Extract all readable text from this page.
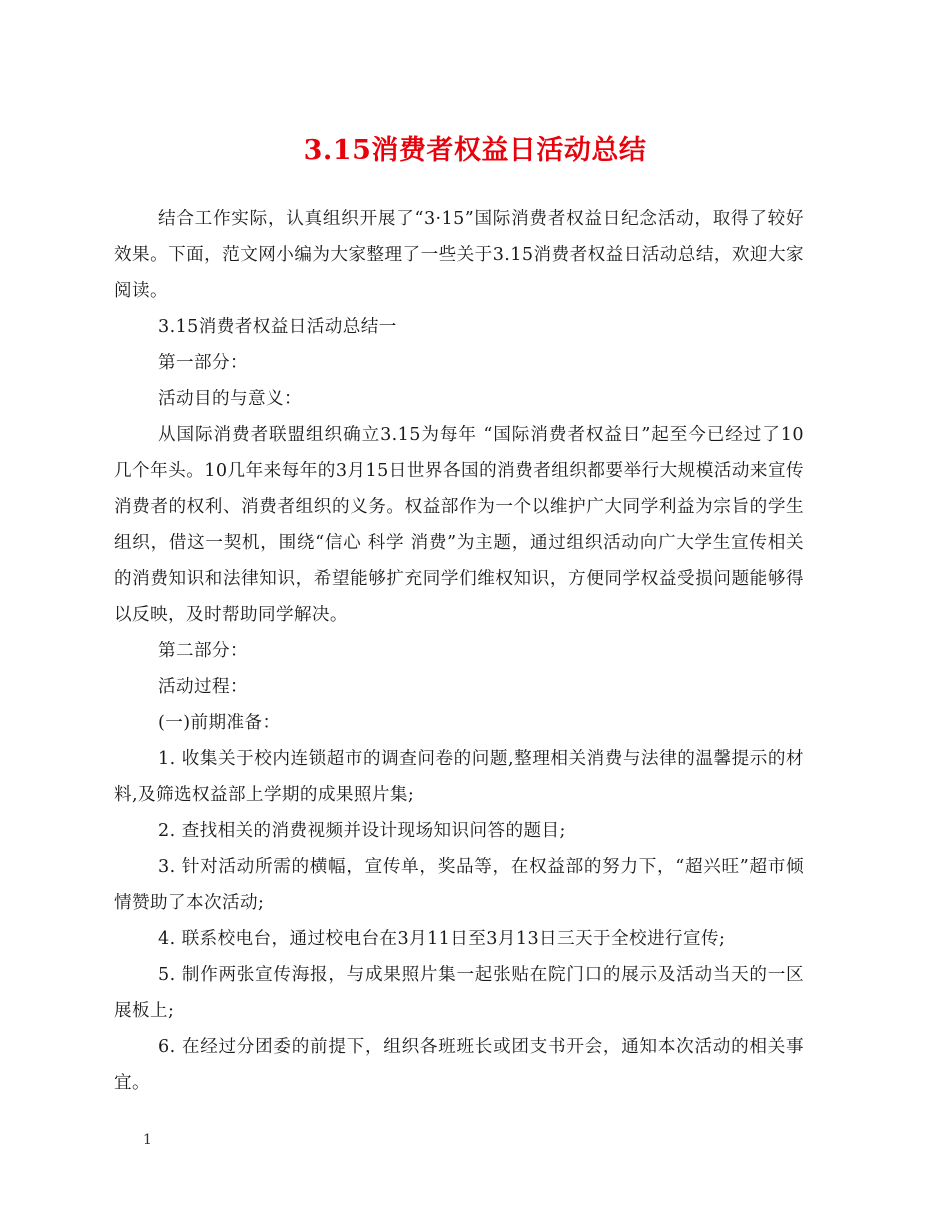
3.15消费者权益日活动总结

结合工作实际，认真组织开展了“3·15”国际消费者权益日纪念活动，取得了较好效果。下面，范文网小编为大家整理了一些关于3.15消费者权益日活动总结，欢迎大家阅读。

3.15消费者权益日活动总结一

第一部分：

活动目的与意义：

从国际消费者联盟组织确立3.15为每年 “国际消费者权益日”起至今已经过了10几个年头。10几年来每年的3月15日世界各国的消费者组织都要举行大规模活动来宣传消费者的权利、消费者组织的义务。权益部作为一个以维护广大同学利益为宗旨的学生组织，借这一契机，围绕“信心 科学 消费”为主题，通过组织活动向广大学生宣传相关的消费知识和法律知识，希望能够扩充同学们维权知识，方便同学权益受损问题能够得以反映，及时帮助同学解决。

第二部分：

活动过程：

(一)前期准备：

1. 收集关于校内连锁超市的调查问卷的问题,整理相关消费与法律的温馨提示的材料,及筛选权益部上学期的成果照片集;

2. 查找相关的消费视频并设计现场知识问答的题目;

3. 针对活动所需的横幅，宣传单，奖品等，在权益部的努力下，“超兴旺”超市倾情赞助了本次活动;

4. 联系校电台，通过校电台在3月11日至3月13日三天于全校进行宣传;

5. 制作两张宣传海报，与成果照片集一起张贴在院门口的展示及活动当天的一区展板上;

6. 在经过分团委的前提下，组织各班班长或团支书开会，通知本次活动的相关事宜。

1
